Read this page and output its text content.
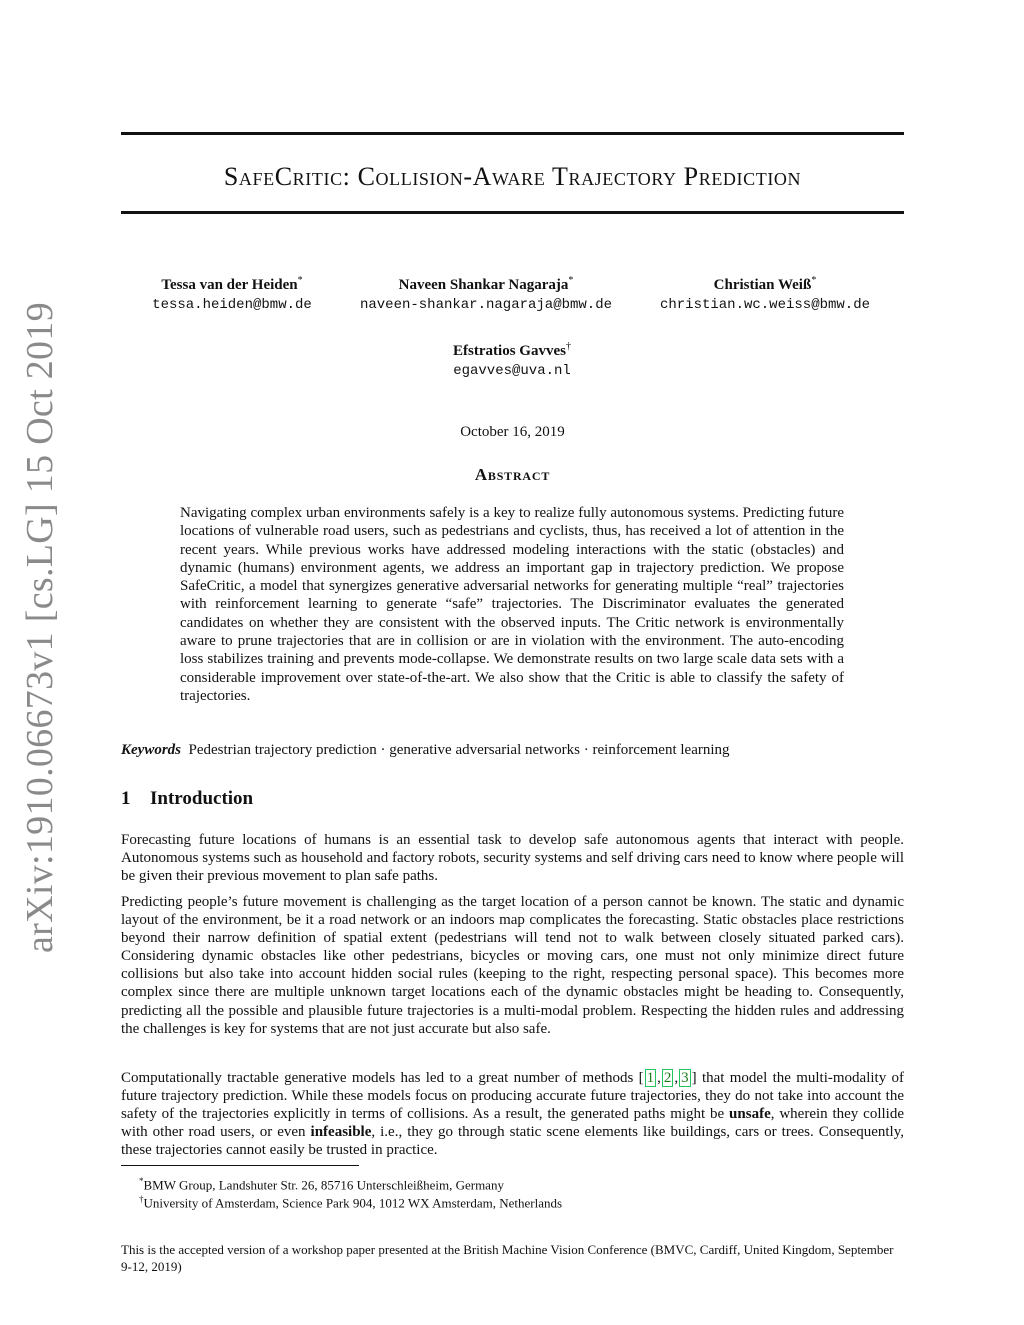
arXiv:1910.06673v1 [cs.LG] 15 Oct 2019
SafeCritic: Collision-Aware Trajectory Prediction
Tessa van der Heiden*
tessa.heiden@bmw.de
Naveen Shankar Nagaraja*
naveen-shankar.nagaraja@bmw.de
Christian Weiß*
christian.wc.weiss@bmw.de
Efstratios Gavves†
egavves@uva.nl
October 16, 2019
Abstract

Navigating complex urban environments safely is a key to realize fully autonomous systems. Predicting future locations of vulnerable road users, such as pedestrians and cyclists, thus, has received a lot of attention in the recent years. While previous works have addressed modeling interactions with the static (obstacles) and dynamic (humans) environment agents, we address an important gap in trajectory prediction. We propose SafeCritic, a model that synergizes generative adversarial networks for generating multiple “real” trajectories with reinforcement learning to generate “safe” trajectories. The Discriminator evaluates the generated candidates on whether they are consistent with the observed inputs. The Critic network is environmentally aware to prune trajectories that are in collision or are in violation with the environment. The auto-encoding loss stabilizes training and prevents mode-collapse. We demonstrate results on two large scale data sets with a considerable improvement over state-of-the-art. We also show that the Critic is able to classify the safety of trajectories.

Keywords Pedestrian trajectory prediction · generative adversarial networks · reinforcement learning
1 Introduction

Forecasting future locations of humans is an essential task to develop safe autonomous agents that interact with people. Autonomous systems such as household and factory robots, security systems and self driving cars need to know where people will be given their previous movement to plan safe paths.

Predicting people’s future movement is challenging as the target location of a person cannot be known. The static and dynamic layout of the environment, be it a road network or an indoors map complicates the forecasting. Static obstacles place restrictions beyond their narrow definition of spatial extent (pedestrians will tend not to walk between closely situated parked cars). Considering dynamic obstacles like other pedestrians, bicycles or moving cars, one must not only minimize direct future collisions but also take into account hidden social rules (keeping to the right, respecting personal space). This becomes more complex since there are multiple unknown target locations each of the dynamic obstacles might be heading to. Consequently, predicting all the possible and plausible future trajectories is a multi-modal problem. Respecting the hidden rules and addressing the challenges is key for systems that are not just accurate but also safe.

Computationally tractable generative models has led to a great number of methods [ 1 , 2 , 3 ] that model the multi-modality of future trajectory prediction. While these models focus on producing accurate future trajectories, they do not take into account the safety of the trajectories explicitly in terms of collisions. As a result, the generated paths might be unsafe, wherein they collide with other road users, or even infeasible, i.e., they go through static scene elements like buildings, cars or trees. Consequently, these trajectories cannot easily be trusted in practice.

*BMW Group, Landshuter Str. 26, 85716 Unterschleißheim, Germany
†University of Amsterdam, Science Park 904, 1012 WX Amsterdam, Netherlands

This is the accepted version of a workshop paper presented at the British Machine Vision Conference (BMVC, Cardiff, United Kingdom, September 9-12, 2019)
